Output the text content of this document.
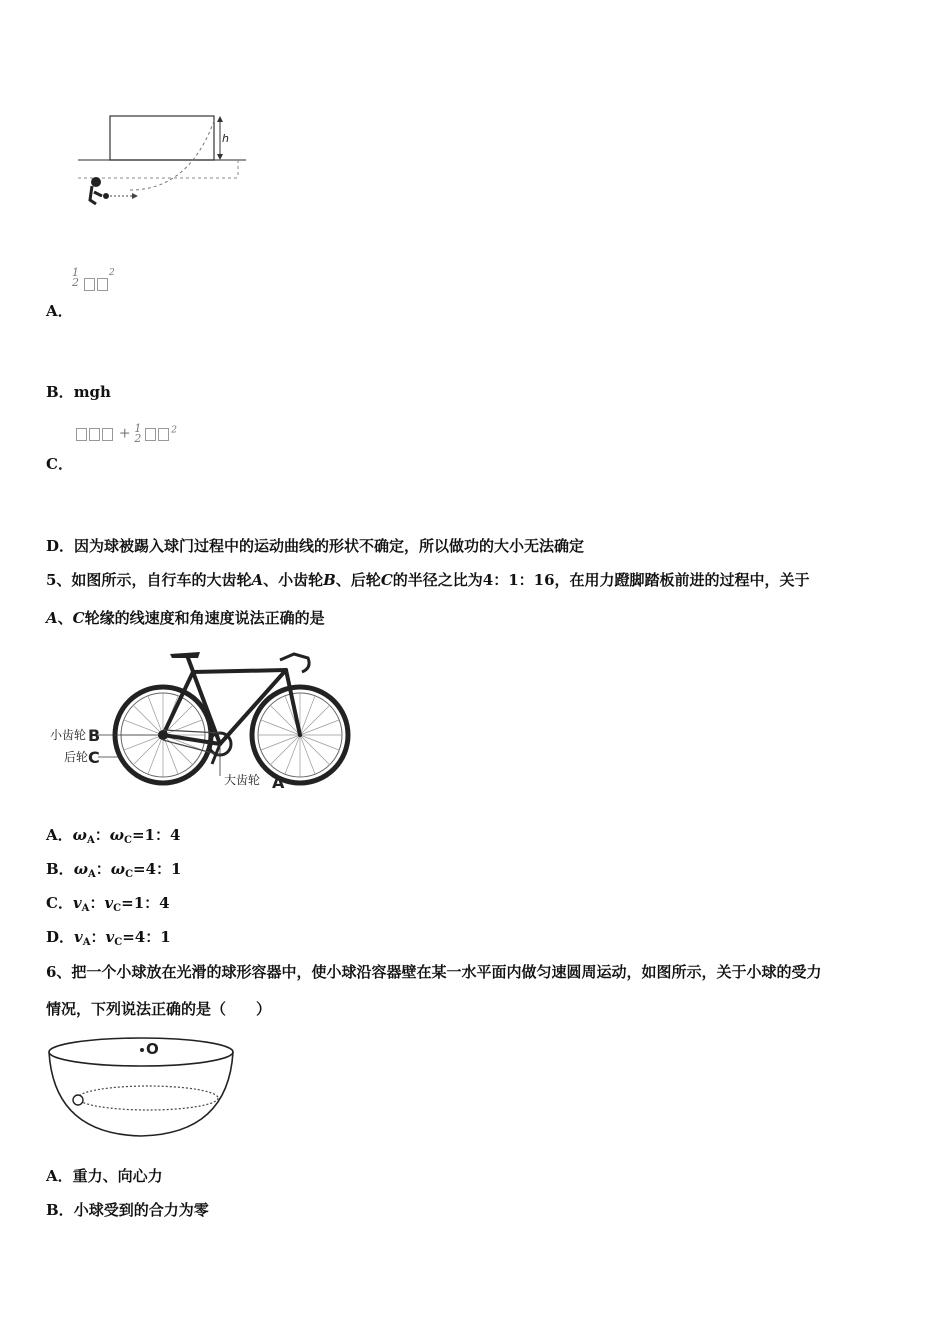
h
1
2
2
A．
B．mgh
+ 1
2 $^2$
C．
D．因为球被踢入球门过程中的运动曲线的形状不确定，所以做功的大小无法确定
5、如图所示，自行车的大齿轮A、小齿轮B、后轮C的半径之比为4：1：16，在用力蹬脚踏板前进的过程中，关于
A、C轮缘的线速度和角速度说法正确的是
小齿轮 B
后轮 C
大齿轮 A
A．$\omega_A$：$\omega_C=1$：4
B．$\omega_A$：$\omega_C=4$：1
C．$v_A$：$v_C=1$：4
D．$v_A$：$v_C=4$：1
6、把一个小球放在光滑的球形容器中，使小球沿容器壁在某一水平面内做匀速圆周运动，如图所示，关于小球的受力
情况，下列说法正确的是（　　）
O
A．重力、向心力
B．小球受到的合力为零
